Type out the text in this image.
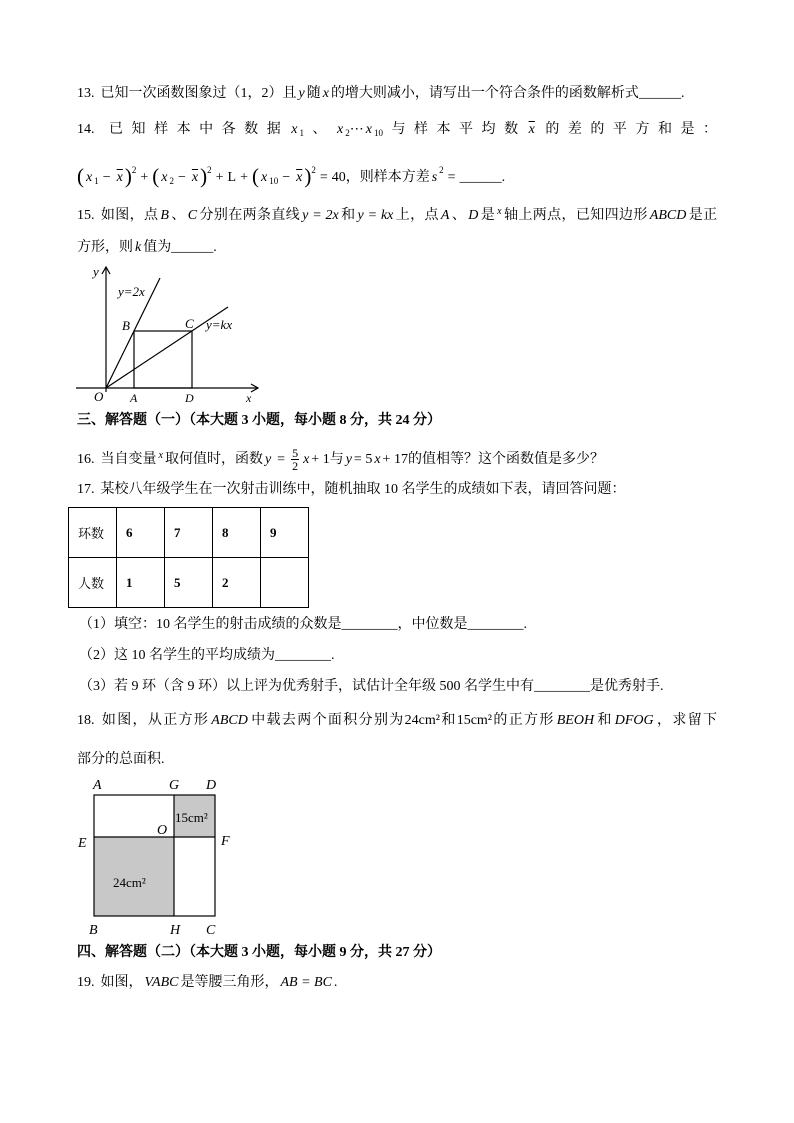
13. 已知一次函数图象过（1，2）且 y 随 x 的增大则减小，请写出一个符合条件的函数解析式______.
14. 已知样本中各数据 x $_1$、 x $_2$⋯ x $_{10}$与样本平均数 $\overline{x}$ 的差的平方和是：
( x $_1 - \overline{x})^2$ + ( x $_2 - \overline{x})^2 + L$ + ( x $_{10} - \overline{x})^2 = 40$，则样本方差 s $^2$ = ______.
15. 如图，点 B 、 C 分别在两条直线 y = 2x 和 y = kx 上，点 A 、 D 是 $^x$ 轴上两点，已知四边形 ABCD 是正
方形，则 k 值为______.
y
y=2x
B	C y=kx
O A	D	x
三、解答题（一）（本大题 3 小题，每小题 8 分，共 24 分）
16. 当自变量 $^x$ 取何值时，函数 $y = \frac{5}{2}$ x + 1与 y = 5 x + 17的值相等？这个函数值是多少？
17. 某校八年级学生在一次射击训练中，随机抽取 10 名学生的成绩如下表，请回答问题：
环数	6	7	8	9
人数	1	5	2	
（1）填空：10 名学生的射击成绩的众数是________，中位数是________.
（2）这 10 名学生的平均成绩为________.
（3）若 9 环（含 9 环）以上评为优秀射手，试估计全年级 500 名学生中有________是优秀射手.
18. 如图，从正方形 ABCD 中载去两个面积分别为24cm²和15cm²的正方形 BEOH 和 DFOG ，求留下
部分的总面积.
A	G D
E
O
F
B	H C
15cm²
24cm²
四、解答题（二）（本大题 3 小题，每小题 9 分，共 27 分）
19. 如图， VABC 是等腰三角形， AB = BC .
